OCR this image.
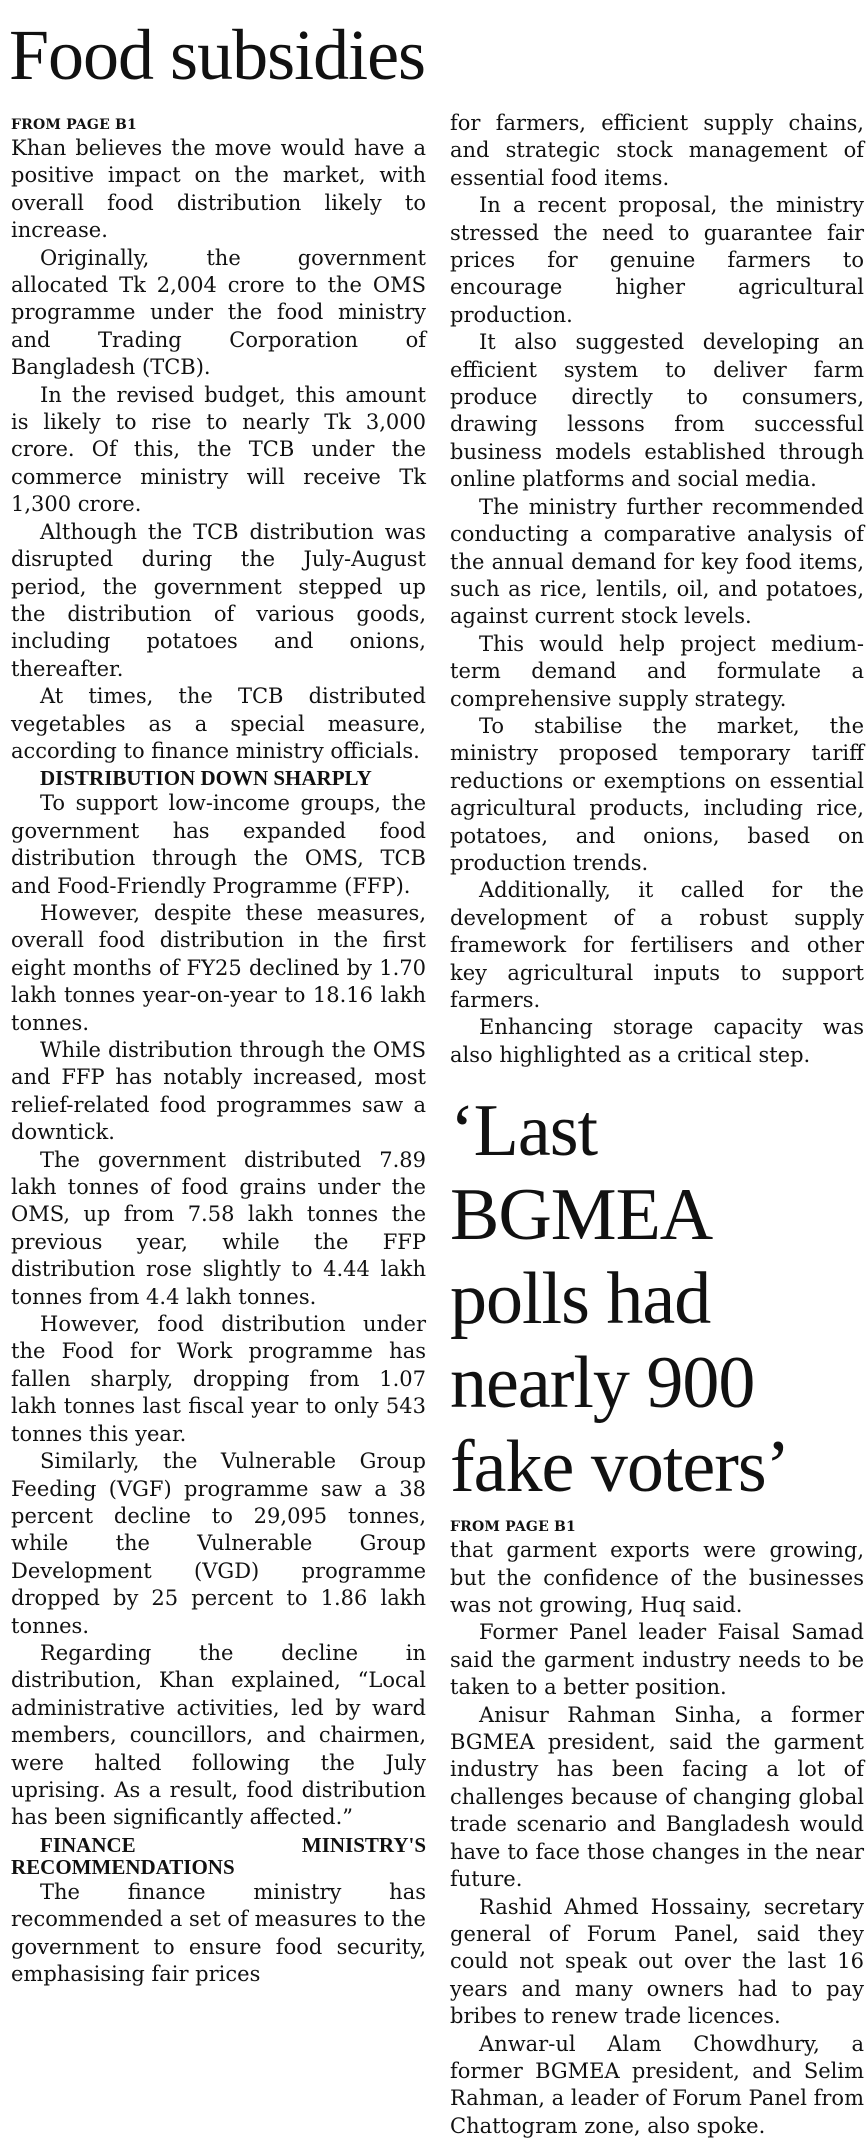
Food subsidies
FROM PAGE B1

Khan believes the move would have a positive impact on the market, with overall food distribution likely to increase.

Originally, the government allocated Tk 2,004 crore to the OMS programme under the food ministry and Trading Corporation of Bangladesh (TCB).

In the revised budget, this amount is likely to rise to nearly Tk 3,000 crore. Of this, the TCB under the commerce ministry will receive Tk 1,300 crore.

Although the TCB distribution was disrupted during the July-August period, the government stepped up the distribution of various goods, including potatoes and onions, thereafter.

At times, the TCB distributed vegetables as a special measure, according to finance ministry officials.

DISTRIBUTION DOWN SHARPLY

To support low-income groups, the government has expanded food distribution through the OMS, TCB and Food-Friendly Programme (FFP).

However, despite these measures, overall food distribution in the first eight months of FY25 declined by 1.70 lakh tonnes year-on-year to 18.16 lakh tonnes.

While distribution through the OMS and FFP has notably increased, most relief-related food programmes saw a downtick.

The government distributed 7.89 lakh tonnes of food grains under the OMS, up from 7.58 lakh tonnes the previous year, while the FFP distribution rose slightly to 4.44 lakh tonnes from 4.4 lakh tonnes.

However, food distribution under the Food for Work programme has fallen sharply, dropping from 1.07 lakh tonnes last fiscal year to only 543 tonnes this year.

Similarly, the Vulnerable Group Feeding (VGF) programme saw a 38 percent decline to 29,095 tonnes, while the Vulnerable Group Development (VGD) programme dropped by 25 percent to 1.86 lakh tonnes.

Regarding the decline in distribution, Khan explained, “Local administrative activities, led by ward members, councillors, and chairmen, were halted following the July uprising. As a result, food distribution has been significantly affected.”

FINANCE MINISTRY'S RECOMMENDATIONS

The finance ministry has recommended a set of measures to the government to ensure food security, emphasising fair prices

for farmers, efficient supply chains, and strategic stock management of essential food items.

In a recent proposal, the ministry stressed the need to guarantee fair prices for genuine farmers to encourage higher agricultural production.

It also suggested developing an efficient system to deliver farm produce directly to consumers, drawing lessons from successful business models established through online platforms and social media.

The ministry further recommended conducting a comparative analysis of the annual demand for key food items, such as rice, lentils, oil, and potatoes, against current stock levels.

This would help project medium-term demand and formulate a comprehensive supply strategy.

To stabilise the market, the ministry proposed temporary tariff reductions or exemptions on essential agricultural products, including rice, potatoes, and onions, based on production trends.

Additionally, it called for the development of a robust supply framework for fertilisers and other key agricultural inputs to support farmers.

Enhancing storage capacity was also highlighted as a critical step.

‘Last BGMEA polls had nearly 900 fake voters’
FROM PAGE B1

that garment exports were growing, but the confidence of the businesses was not growing, Huq said.

Former Panel leader Faisal Samad said the garment industry needs to be taken to a better position.

Anisur Rahman Sinha, a former BGMEA president, said the garment industry has been facing a lot of challenges because of changing global trade scenario and Bangladesh would have to face those changes in the near future.

Rashid Ahmed Hossainy, secretary general of Forum Panel, said they could not speak out over the last 16 years and many owners had to pay bribes to renew trade licences.

Anwar-ul Alam Chowdhury, a former BGMEA president, and Selim Rahman, a leader of Forum Panel from Chattogram zone, also spoke.
